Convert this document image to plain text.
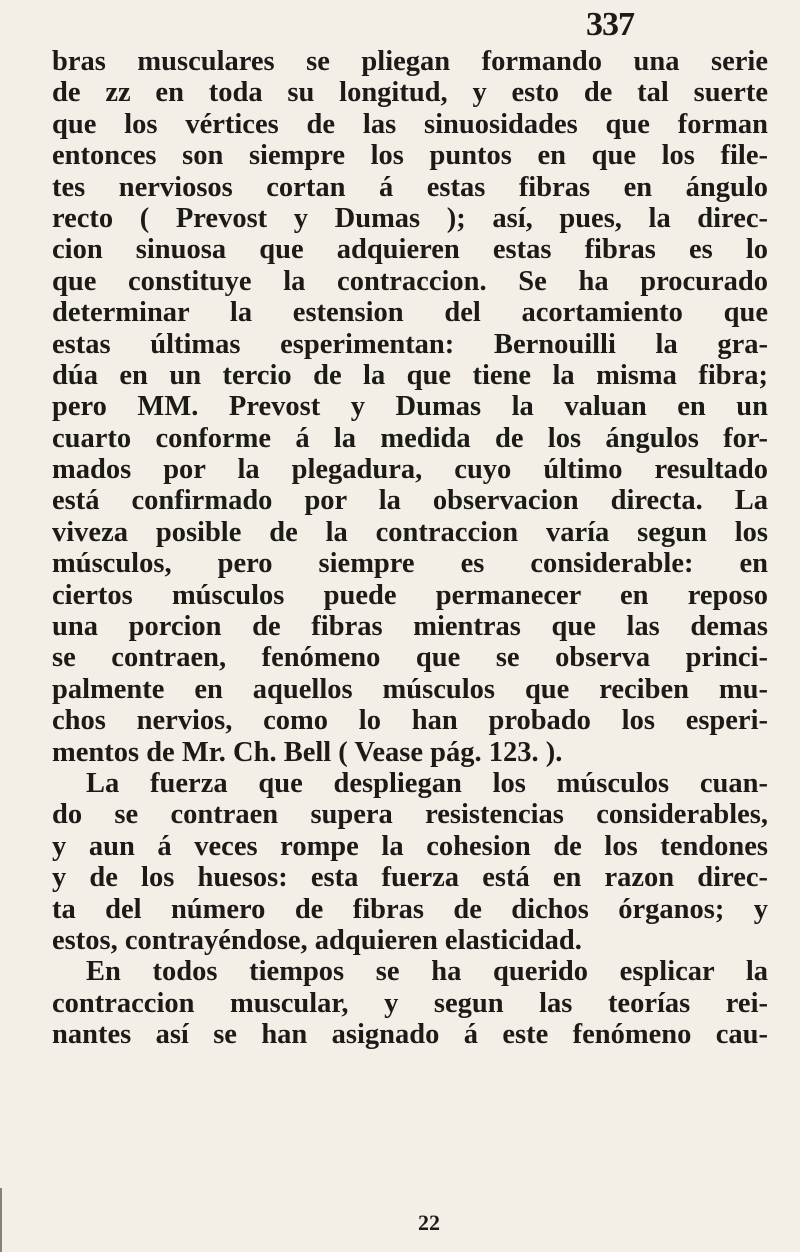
337
bras musculares se pliegan formando una serie
de zz en toda su longitud, y esto de tal suerte
que los vértices de las sinuosidades que forman
entonces son siempre los puntos en que los file-
tes nerviosos cortan á estas fibras en ángulo
recto ( Prevost y Dumas ); así, pues, la direc-
cion sinuosa que adquieren estas fibras es lo
que constituye la contraccion. Se ha procurado
determinar la estension del acortamiento que
estas últimas esperimentan: Bernouilli la gra-
dúa en un tercio de la que tiene la misma fibra;
pero MM. Prevost y Dumas la valuan en un
cuarto conforme á la medida de los ángulos for-
mados por la plegadura, cuyo último resultado
está confirmado por la observacion directa. La
viveza posible de la contraccion varía segun los
músculos, pero siempre es considerable: en
ciertos músculos puede permanecer en reposo
una porcion de fibras mientras que las demas
se contraen, fenómeno que se observa princi-
palmente en aquellos músculos que reciben mu-
chos nervios, como lo han probado los esperi-
mentos de Mr. Ch. Bell ( Vease pág. 123. ).
La fuerza que despliegan los músculos cuan-
do se contraen supera resistencias considerables,
y aun á veces rompe la cohesion de los tendones
y de los huesos: esta fuerza está en razon direc-
ta del número de fibras de dichos órganos; y
estos, contrayéndose, adquieren elasticidad.
En todos tiempos se ha querido esplicar la
contraccion muscular, y segun las teorías rei-
nantes así se han asignado á este fenómeno cau-
22
